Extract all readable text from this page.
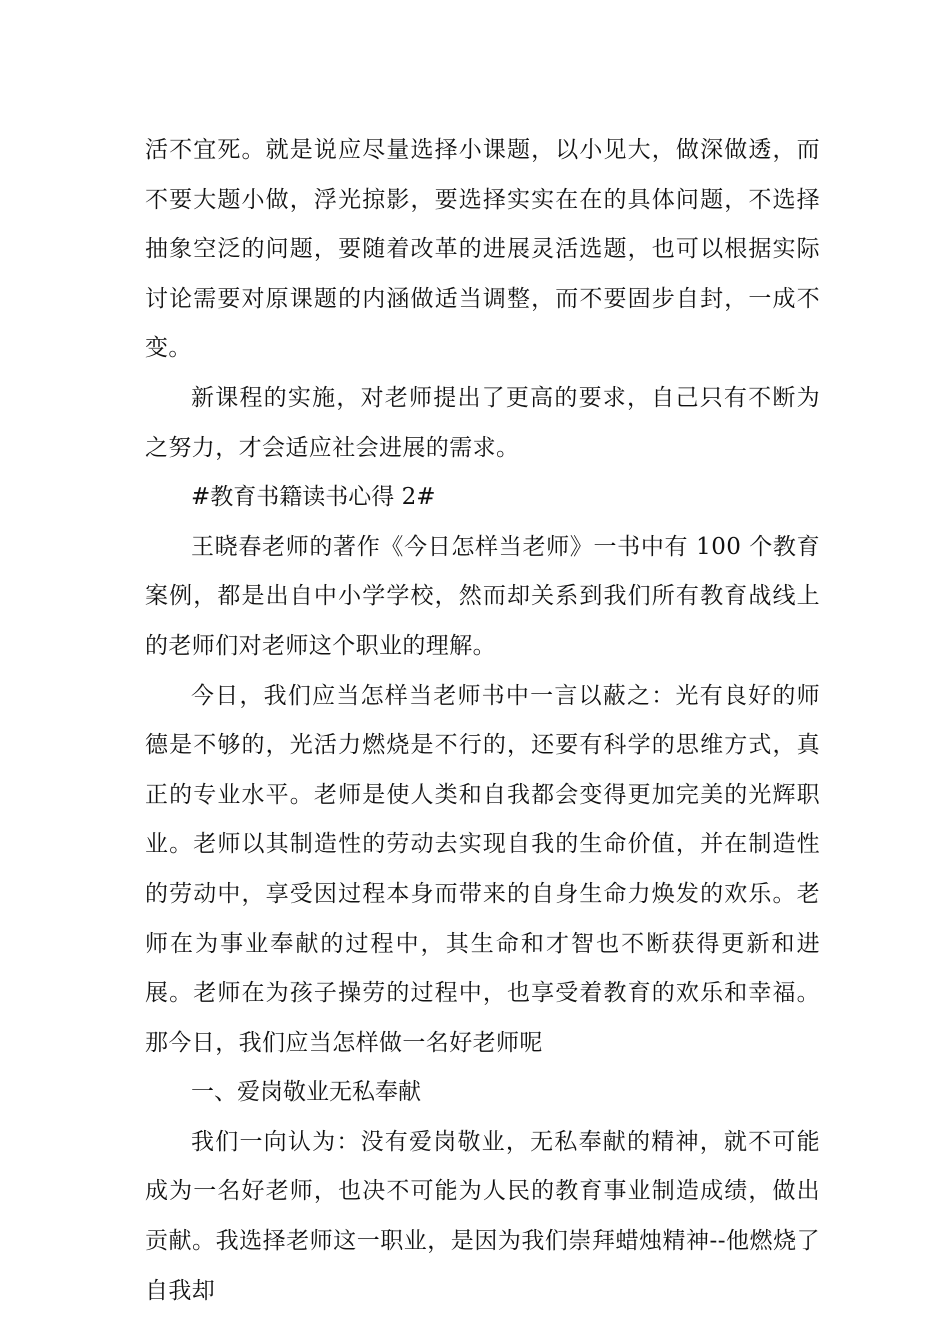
活不宜死。就是说应尽量选择小课题，以小见大，做深做透，而不要大题小做，浮光掠影，要选择实实在在的具体问题，不选择抽象空泛的问题，要随着改革的进展灵活选题，也可以根据实际讨论需要对原课题的内涵做适当调整，而不要固步自封，一成不变。

新课程的实施，对老师提出了更高的要求，自己只有不断为之努力，才会适应社会进展的需求。

#教育书籍读书心得 2#

王晓春老师的著作《今日怎样当老师》一书中有 100 个教育案例，都是出自中小学学校，然而却关系到我们所有教育战线上的老师们对老师这个职业的理解。

今日，我们应当怎样当老师书中一言以蔽之：光有良好的师德是不够的，光活力燃烧是不行的，还要有科学的思维方式，真正的专业水平。老师是使人类和自我都会变得更加完美的光辉职业。老师以其制造性的劳动去实现自我的生命价值，并在制造性的劳动中，享受因过程本身而带来的自身生命力焕发的欢乐。老师在为事业奉献的过程中，其生命和才智也不断获得更新和进展。老师在为孩子操劳的过程中，也享受着教育的欢乐和幸福。那今日，我们应当怎样做一名好老师呢

一、爱岗敬业无私奉献

我们一向认为：没有爱岗敬业，无私奉献的精神，就不可能成为一名好老师，也决不可能为人民的教育事业制造成绩，做出贡献。我选择老师这一职业，是因为我们崇拜蜡烛精神--他燃烧了自我却
